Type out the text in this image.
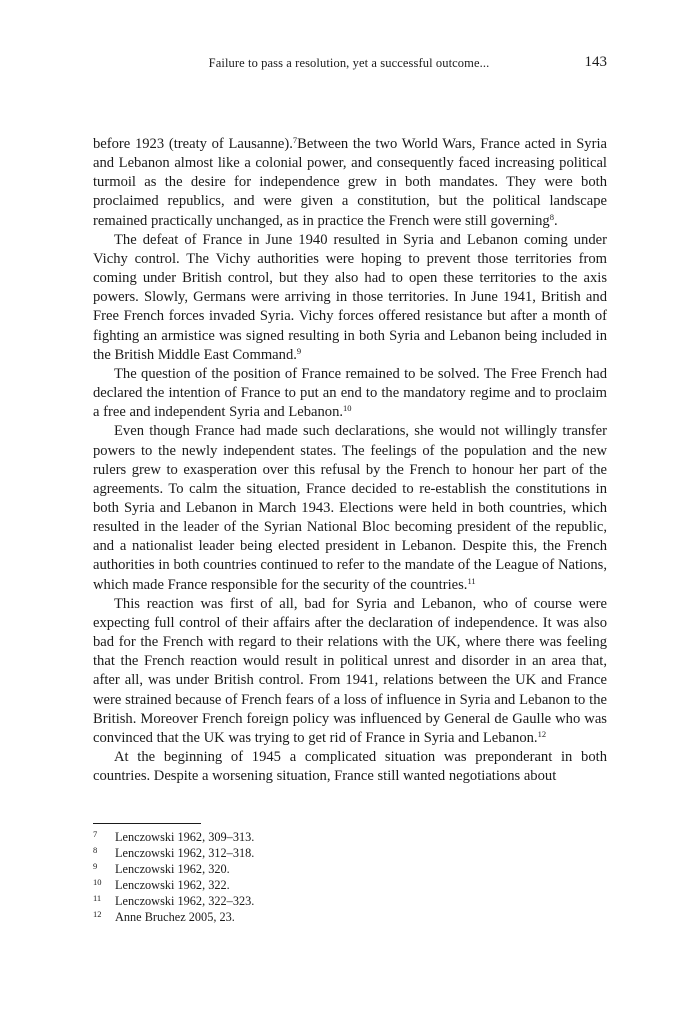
Failure to pass a resolution, yet a successful outcome...	143

before 1923 (treaty of Lausanne).$^7$Between the two World Wars, France acted in Syria and Lebanon almost like a colonial power, and consequently faced increasing political turmoil as the desire for independence grew in both mandates. They were both proclaimed republics, and were given a constitution, but the political landscape remained practically unchanged, as in practice the French were still governing$^8$.

The defeat of France in June 1940 resulted in Syria and Lebanon coming under Vichy control. The Vichy authorities were hoping to prevent those territories from coming under British control, but they also had to open these territories to the axis powers. Slowly, Germans were arriving in those territories. In June 1941, British and Free French forces invaded Syria. Vichy forces offered resistance but after a month of fighting an armistice was signed resulting in both Syria and Lebanon being included in the British Middle East Command.$^9$

The question of the position of France remained to be solved. The Free French had declared the intention of France to put an end to the mandatory regime and to proclaim a free and independent Syria and Lebanon.$^{10}$

Even though France had made such declarations, she would not willingly transfer powers to the newly independent states. The feelings of the population and the new rulers grew to exasperation over this refusal by the French to honour her part of the agreements. To calm the situation, France decided to re-establish the constitutions in both Syria and Lebanon in March 1943. Elections were held in both countries, which resulted in the leader of the Syrian National Bloc becoming president of the republic, and a nationalist leader being elected president in Lebanon. Despite this, the French authorities in both countries continued to refer to the mandate of the League of Nations, which made France responsible for the security of the countries.$^{11}$

This reaction was first of all, bad for Syria and Lebanon, who of course were expecting full control of their affairs after the declaration of independence. It was also bad for the French with regard to their relations with the UK, where there was feeling that the French reaction would result in political unrest and disorder in an area that, after all, was under British control. From 1941, relations between the UK and France were strained because of French fears of a loss of influence in Syria and Lebanon to the British. Moreover French foreign policy was influenced by General de Gaulle who was convinced that the UK was trying to get rid of France in Syria and Lebanon.$^{12}$

At the beginning of 1945 a complicated situation was preponderant in both countries. Despite a worsening situation, France still wanted negotiations about

7 Lenczowski 1962, 309–313.
8 Lenczowski 1962, 312–318.
9 Lenczowski 1962, 320.
10 Lenczowski 1962, 322.
11 Lenczowski 1962, 322–323.
12 Anne Bruchez 2005, 23.
